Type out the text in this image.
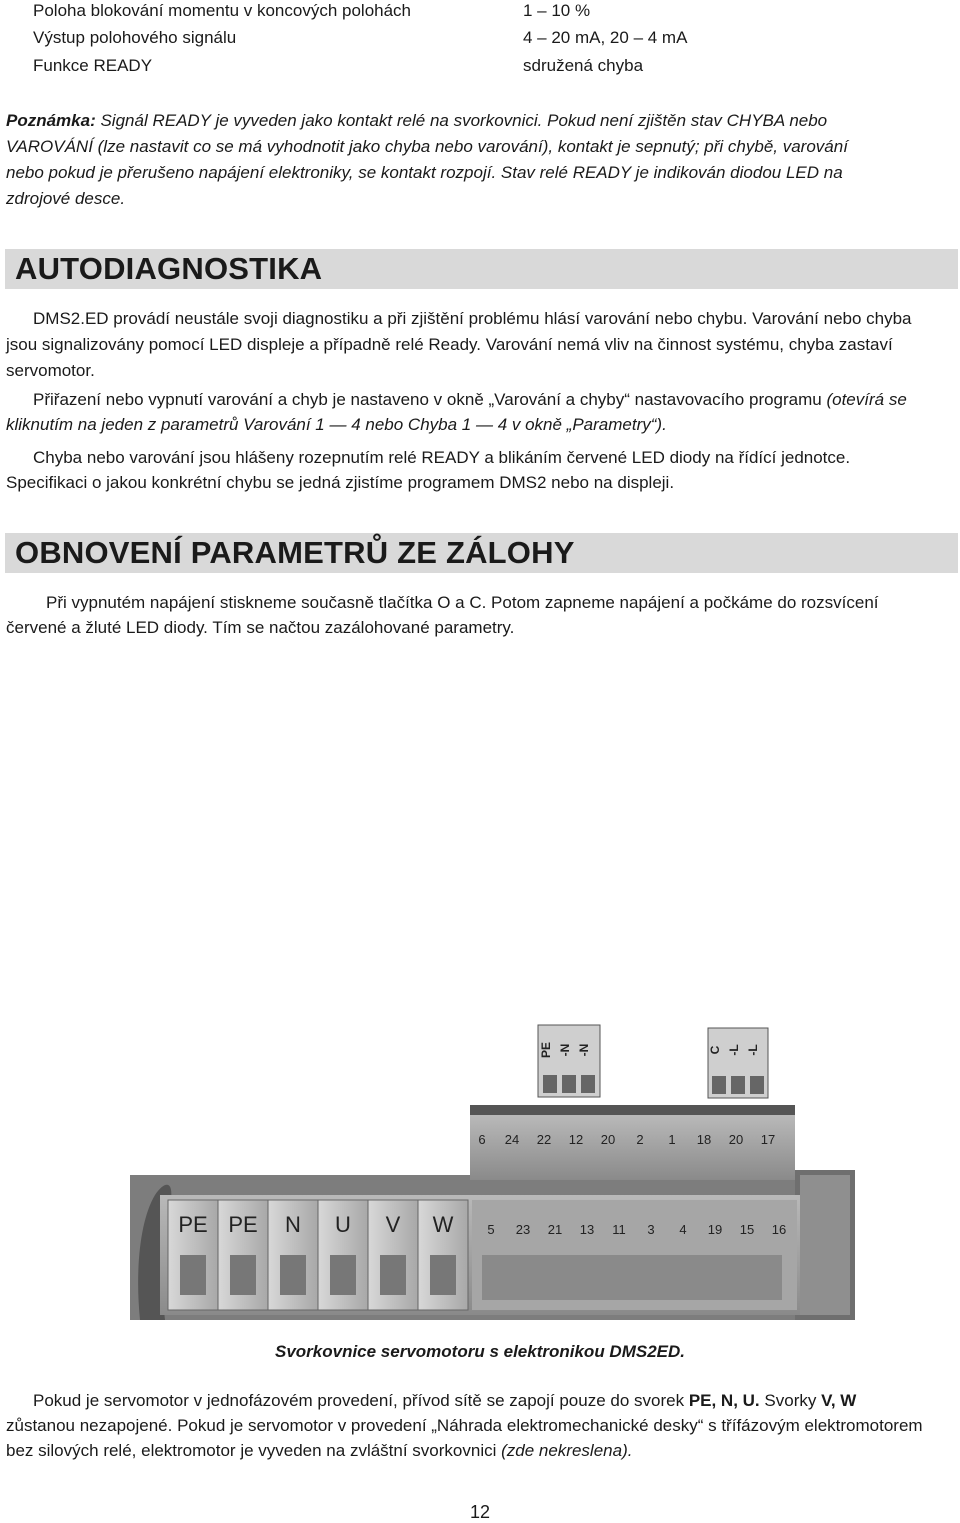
Poloha blokování momentu v koncových polohách	1 – 10 %
Výstup polohového signálu	4 – 20 mA, 20 – 4 mA
Funkce READY	sdružená chyba
Poznámka: Signál READY je vyveden jako kontakt relé na svorkovnici. Pokud není zjištěn stav CHYBA nebo
VAROVÁNÍ (lze nastavit co se má vyhodnotit jako chyba nebo varování), kontakt je sepnutý; při chybě, varování
nebo pokud je přerušeno napájení elektroniky, se kontakt rozpojí. Stav relé READY je indikován diodou LED na
zdrojové desce.
AUTODIAGNOSTIKA
DMS2.ED provádí neustále svoji diagnostiku a při zjištění problému hlásí varování nebo chybu. Varování nebo chyba
jsou signalizovány pomocí LED displeje a případně relé Ready. Varování nemá vliv na činnost systému, chyba zastaví
servomotor.
Přiřazení nebo vypnutí varování a chyb je nastaveno v okně „Varování a chyby“ nastavovacího programu (otevírá se
kliknutím na jeden z parametrů Varování 1 — 4 nebo Chyba 1 — 4 v okně „Parametry“).
Chyba nebo varování jsou hlášeny rozepnutím relé READY a blikáním červené LED diody na řídící jednotce.
Specifikaci o jakou konkrétní chybu se jedná zjistíme programem DMS2 nebo na displeji.
OBNOVENÍ PARAMETRŮ ZE ZÁLOHY
Při vypnutém napájení stiskneme současně tlačítka O a C. Potom zapneme napájení a počkáme do rozsvícení
červené a žluté LED diody. Tím se načtou zazálohované parametry.
PE PE N U V W
6 24 22 12 20 2 1 18 20 17
5 23 21 13 11 3 4 19 15 16
PE -N -N	C -L -L
Svorkovnice servomotoru s elektronikou DMS2ED.
Pokud je servomotor v jednofázovém provedení, přívod sítě se zapojí pouze do svorek PE, N, U. Svorky V, W
zůstanou nezapojené. Pokud je servomotor v provedení „Náhrada elektromechanické desky“ s třífázovým elektromotorem
bez silových relé, elektromotor je vyveden na zvláštní svorkovnici (zde nekreslena).
12
